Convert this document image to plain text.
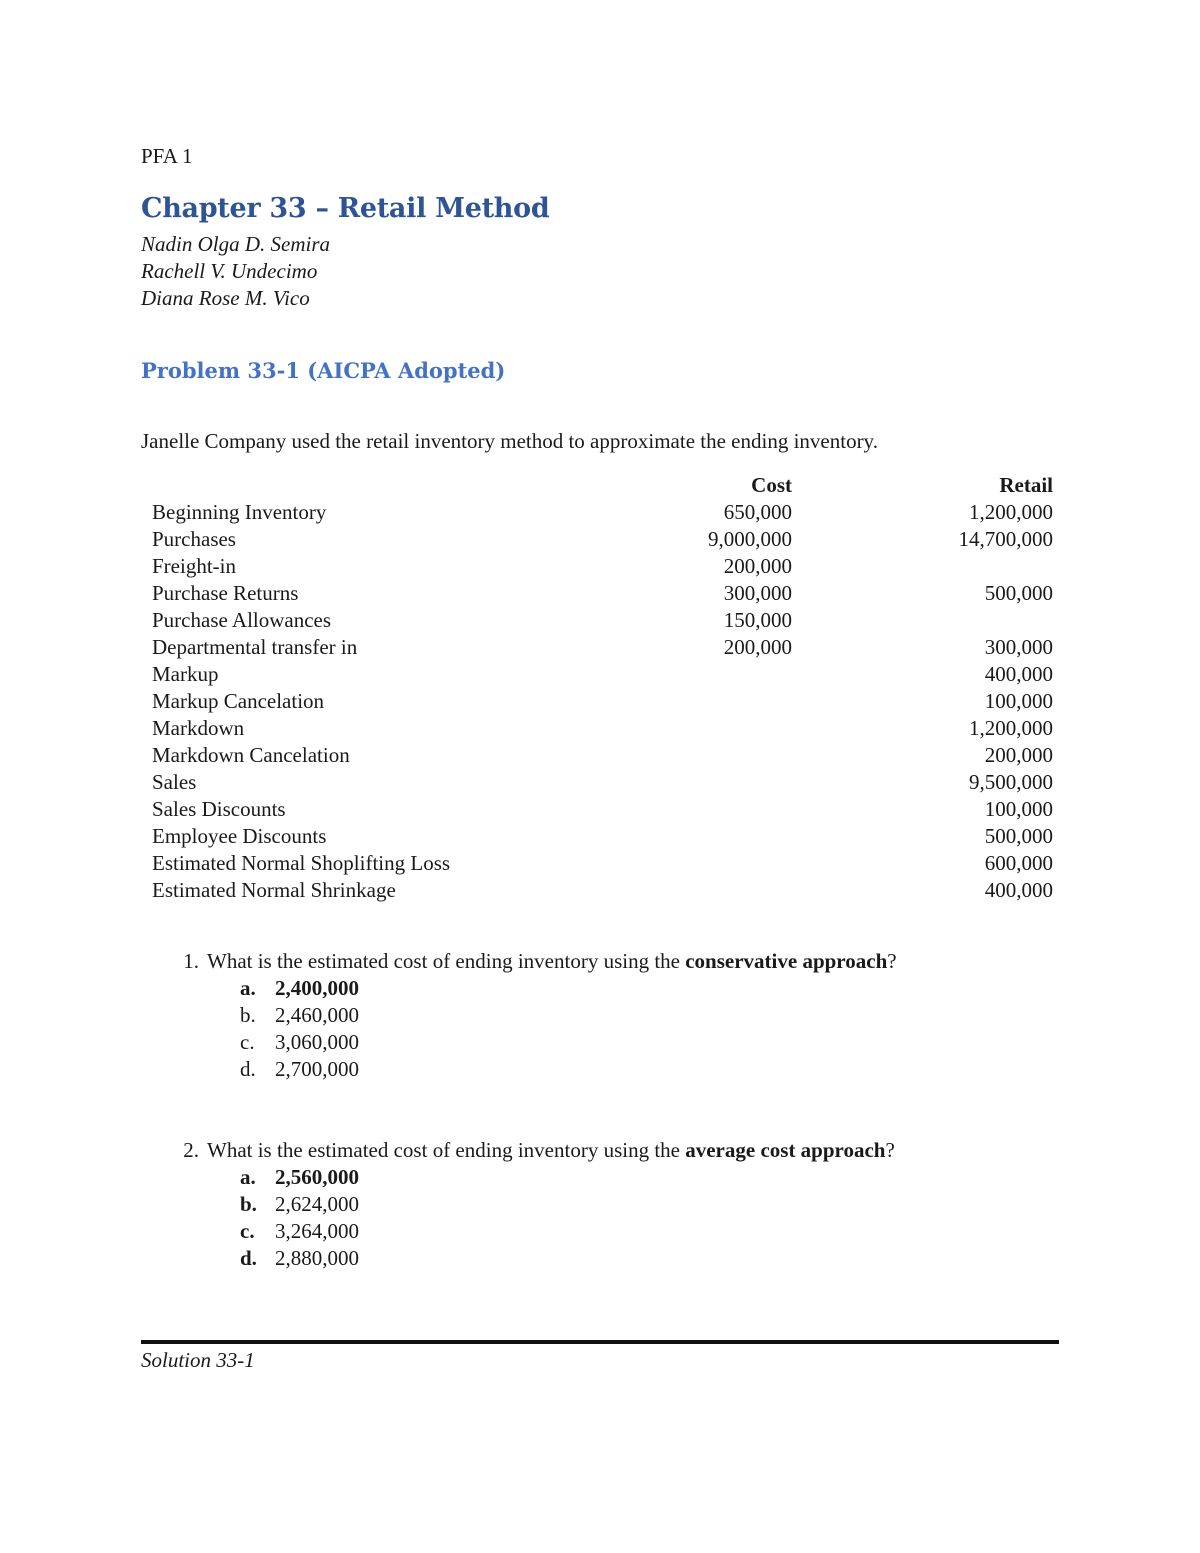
PFA 1
Chapter 33 – Retail Method
Nadin Olga D. Semira
Rachell V. Undecimo
Diana Rose M. Vico
Problem 33-1 (AICPA Adopted)
Janelle Company used the retail inventory method to approximate the ending inventory.
	Cost	Retail
Beginning Inventory	650,000	1,200,000
Purchases	9,000,000	14,700,000
Freight-in	200,000	
Purchase Returns	300,000	500,000
Purchase Allowances	150,000	
Departmental transfer in	200,000	300,000
Markup		400,000
Markup Cancelation		100,000
Markdown		1,200,000
Markdown Cancelation		200,000
Sales		9,500,000
Sales Discounts		100,000
Employee Discounts		500,000
Estimated Normal Shoplifting Loss		600,000
Estimated Normal Shrinkage		400,000
1. What is the estimated cost of ending inventory using the conservative approach?
a. 2,400,000
b. 2,460,000
c. 3,060,000
d. 2,700,000
2. What is the estimated cost of ending inventory using the average cost approach?
a. 2,560,000
b. 2,624,000
c. 3,264,000
d. 2,880,000
Solution 33-1
